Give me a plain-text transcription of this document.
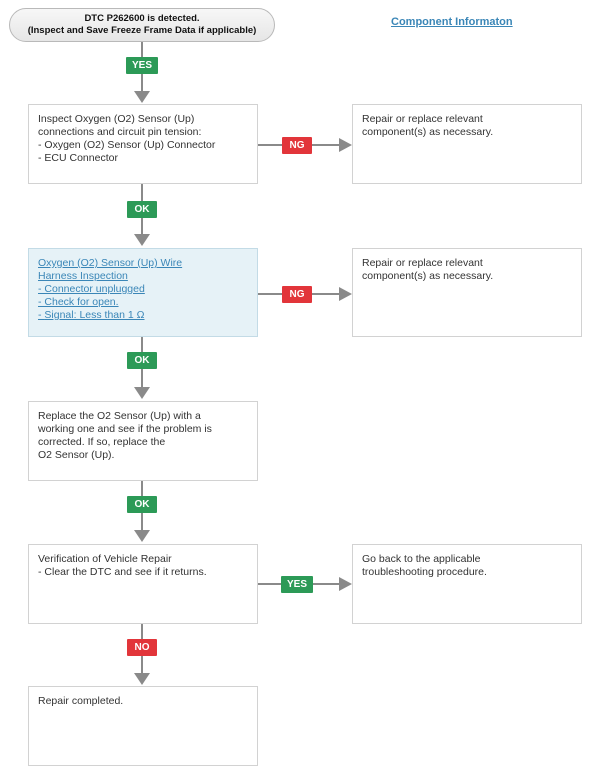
DTC P262600 is detected.
(Inspect and Save Freeze Frame Data if applicable)
Component Informaton
YES
Inspect Oxygen (O2) Sensor (Up)
connections and circuit pin tension:
- Oxygen (O2) Sensor (Up) Connector
- ECU Connector
NG
Repair or replace relevant
component(s) as necessary.
OK
Oxygen (O2) Sensor (Up) Wire
Harness Inspection
- Connector unplugged
- Check for open.
- Signal: Less than 1 Ω
NG
Repair or replace relevant
component(s) as necessary.
OK
Replace the O2 Sensor (Up) with a
working one and see if the problem is
corrected. If so, replace the
O2 Sensor (Up).
OK
Verification of Vehicle Repair
- Clear the DTC and see if it returns.
YES
Go back to the applicable
troubleshooting procedure.
NO
Repair completed.
